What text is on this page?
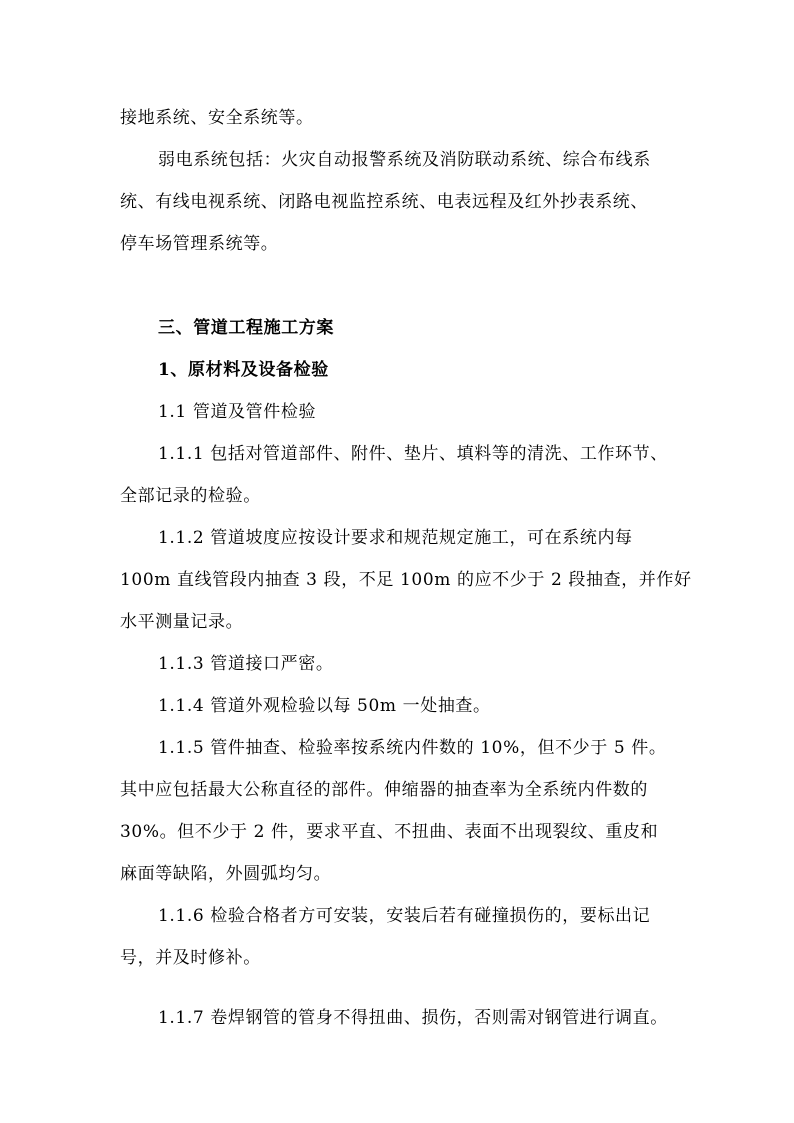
接地系统、安全系统等。
弱电系统包括：火灾自动报警系统及消防联动系统、综合布线系
统、有线电视系统、闭路电视监控系统、电表远程及红外抄表系统、
停车场管理系统等。
三、管道工程施工方案
1、原材料及设备检验
1.1 管道及管件检验
1.1.1 包括对管道部件、附件、垫片、填料等的清洗、工作环节、
全部记录的检验。
1.1.2 管道坡度应按设计要求和规范规定施工，可在系统内每
100m 直线管段内抽查 3 段，不足 100m 的应不少于 2 段抽查，并作好
水平测量记录。
1.1.3 管道接口严密。
1.1.4 管道外观检验以每 50m 一处抽查。
1.1.5 管件抽查、检验率按系统内件数的 10%，但不少于 5 件。
其中应包括最大公称直径的部件。伸缩器的抽查率为全系统内件数的
30%。但不少于 2 件，要求平直、不扭曲、表面不出现裂纹、重皮和
麻面等缺陷，外圆弧均匀。
1.1.6 检验合格者方可安装，安装后若有碰撞损伤的，要标出记
号，并及时修补。
1.1.7 卷焊钢管的管身不得扭曲、损伤，否则需对钢管进行调直。
